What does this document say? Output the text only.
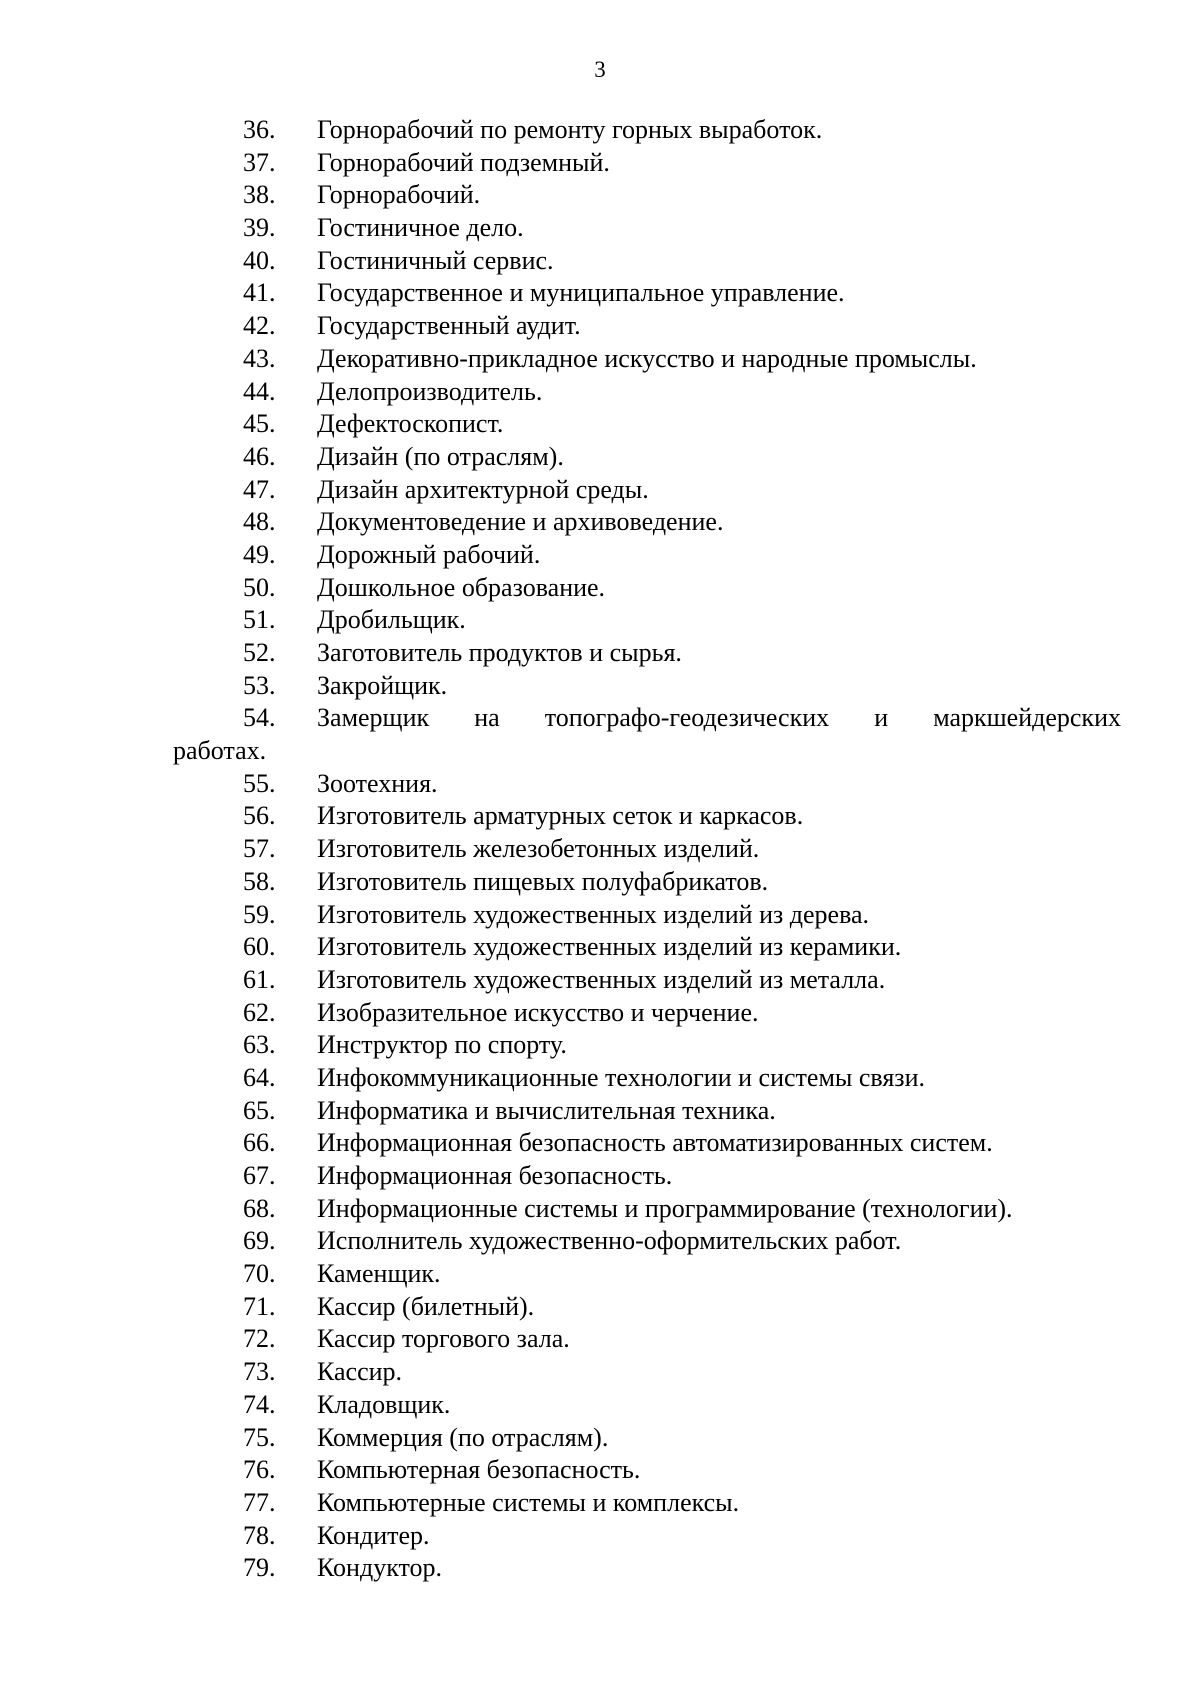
3
36. Горнорабочий по ремонту горных выработок.
37. Горнорабочий подземный.
38. Горнорабочий.
39. Гостиничное дело.
40. Гостиничный сервис.
41. Государственное и муниципальное управление.
42. Государственный аудит.
43. Декоративно-прикладное искусство и народные промыслы.
44. Делопроизводитель.
45. Дефектоскопист.
46. Дизайн (по отраслям).
47. Дизайн архитектурной среды.
48. Документоведение и архивоведение.
49. Дорожный рабочий.
50. Дошкольное образование.
51. Дробильщик.
52. Заготовитель продуктов и сырья.
53. Закройщик.
54. Замерщик на топографо-геодезических и маркшейдерских
работах.
55. Зоотехния.
56. Изготовитель арматурных сеток и каркасов.
57. Изготовитель железобетонных изделий.
58. Изготовитель пищевых полуфабрикатов.
59. Изготовитель художественных изделий из дерева.
60. Изготовитель художественных изделий из керамики.
61. Изготовитель художественных изделий из металла.
62. Изобразительное искусство и черчение.
63. Инструктор по спорту.
64. Инфокоммуникационные технологии и системы связи.
65. Информатика и вычислительная техника.
66. Информационная безопасность автоматизированных систем.
67. Информационная безопасность.
68. Информационные системы и программирование (технологии).
69. Исполнитель художественно-оформительских работ.
70. Каменщик.
71. Кассир (билетный).
72. Кассир торгового зала.
73. Кассир.
74. Кладовщик.
75. Коммерция (по отраслям).
76. Компьютерная безопасность.
77. Компьютерные системы и комплексы.
78. Кондитер.
79. Кондуктор.
